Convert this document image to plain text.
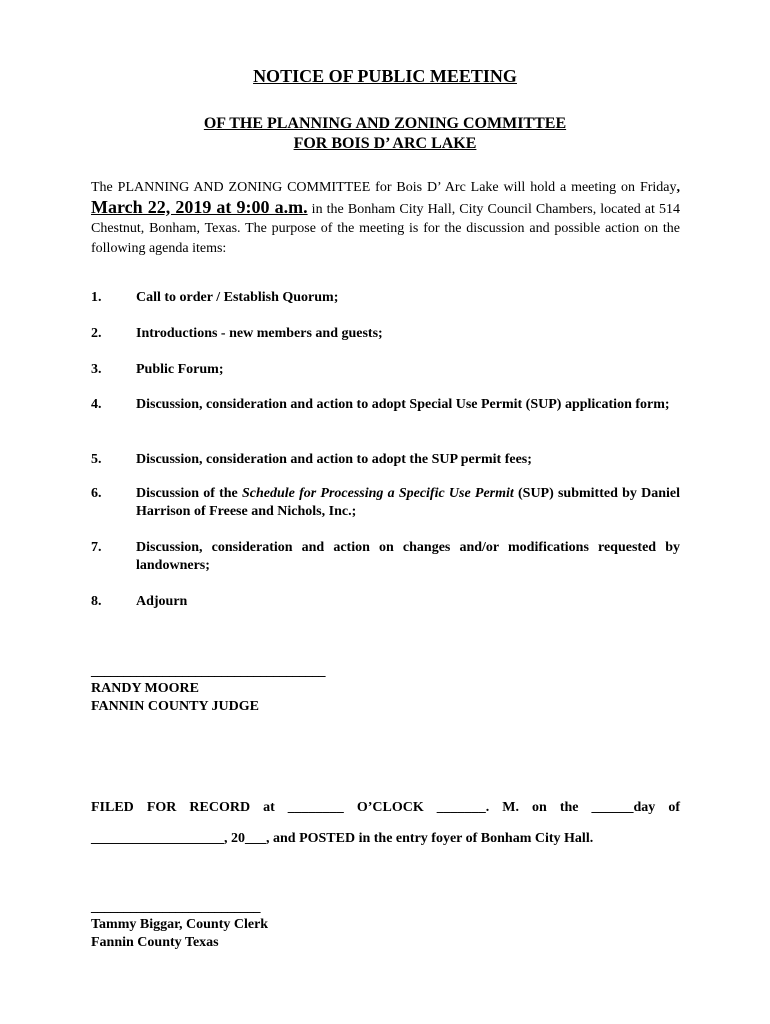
NOTICE OF PUBLIC MEETING
OF THE PLANNING AND ZONING COMMITTEE
FOR BOIS D’ ARC LAKE
The PLANNING AND ZONING COMMITTEE for Bois D’ Arc Lake will hold a meeting on Friday, March 22, 2019 at 9:00 a.m. in the Bonham City Hall, City Council Chambers, located at 514 Chestnut, Bonham, Texas. The purpose of the meeting is for the discussion and possible action on the following agenda items:
1. Call to order / Establish Quorum;
2. Introductions - new members and guests;
3. Public Forum;
4. Discussion, consideration and action to adopt Special Use Permit (SUP) application form;
5. Discussion, consideration and action to adopt the SUP permit fees;
6. Discussion of the Schedule for Processing a Specific Use Permit (SUP) submitted by Daniel Harrison of Freese and Nichols, Inc.;
7. Discussion, consideration and action on changes and/or modifications requested by landowners;
8. Adjourn
____________________________________
RANDY MOORE
FANNIN COUNTY JUDGE
FILED FOR RECORD at ________ O’CLOCK _______. M. on the ______day of
___________________, 20___, and POSTED in the entry foyer of Bonham City Hall.
__________________________
Tammy Biggar, County Clerk
Fannin County Texas
